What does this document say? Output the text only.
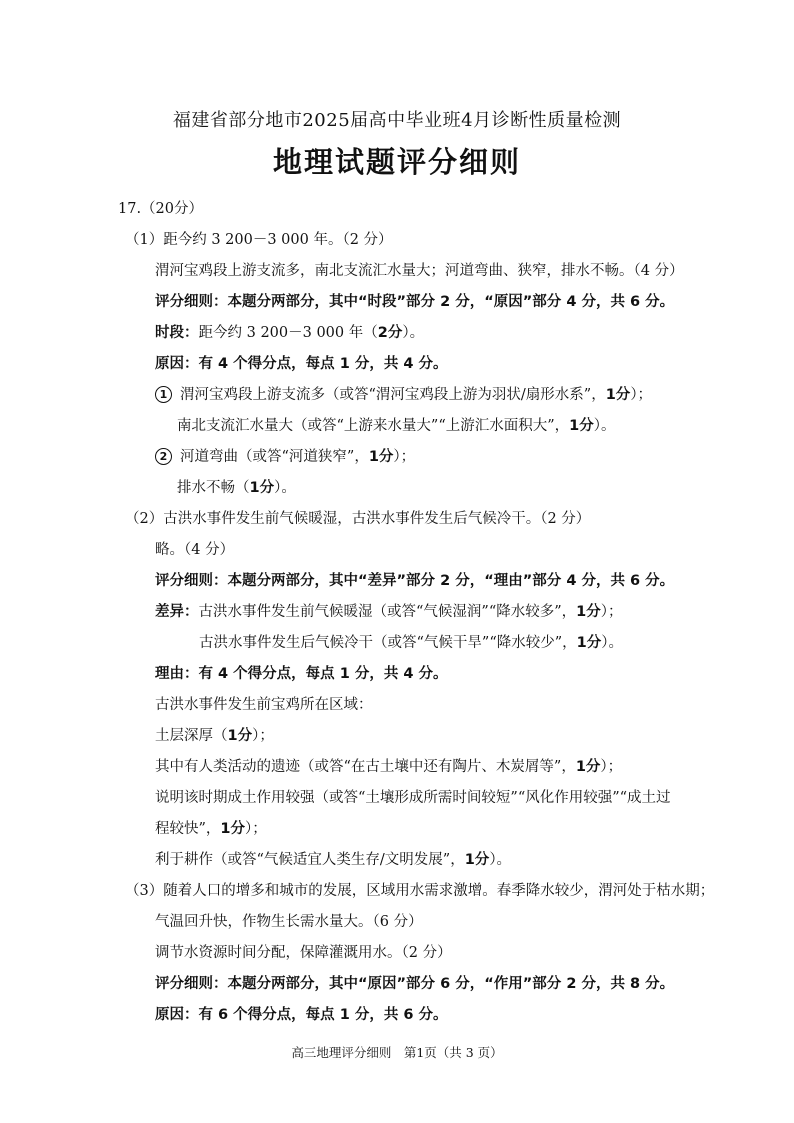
福建省部分地市2025届高中毕业班4月诊断性质量检测
地理试题评分细则
17.（20分）
（1）距今约 3 200－3 000 年。（2 分）
渭河宝鸡段上游支流多，南北支流汇水量大；河道弯曲、狭窄，排水不畅。（4 分）
评分细则：本题分两部分，其中“时段”部分 2 分，“原因”部分 4 分，共 6 分。
时段：距今约 3 200－3 000 年（2分）。
原因：有 4 个得分点，每点 1 分，共 4 分。
1 渭河宝鸡段上游支流多（或答“渭河宝鸡段上游为羽状/扇形水系”，1分）；
南北支流汇水量大（或答“上游来水量大”“上游汇水面积大”，1分）。
2 河道弯曲（或答“河道狭窄”，1分）；
排水不畅（1分）。
（2）古洪水事件发生前气候暖湿，古洪水事件发生后气候冷干。（2 分）
略。（4 分）
评分细则：本题分两部分，其中“差异”部分 2 分，“理由”部分 4 分，共 6 分。
差异：古洪水事件发生前气候暖湿（或答“气候湿润”“降水较多”，1分）；
古洪水事件发生后气候冷干（或答“气候干旱”“降水较少”，1分）。
理由：有 4 个得分点，每点 1 分，共 4 分。
古洪水事件发生前宝鸡所在区域：
土层深厚（1分）；
其中有人类活动的遗迹（或答“在古土壤中还有陶片、木炭屑等”，1分）；
说明该时期成土作用较强（或答“土壤形成所需时间较短”“风化作用较强”“成土过
程较快”，1分）；
利于耕作（或答“气候适宜人类生存/文明发展”，1分）。
（3）随着人口的增多和城市的发展，区域用水需求激增。春季降水较少，渭河处于枯水期；
气温回升快，作物生长需水量大。（6 分）
调节水资源时间分配，保障灌溉用水。（2 分）
评分细则：本题分两部分，其中“原因”部分 6 分，“作用”部分 2 分，共 8 分。
原因：有 6 个得分点，每点 1 分，共 6 分。
高三地理评分细则　第1页（共 3 页）
